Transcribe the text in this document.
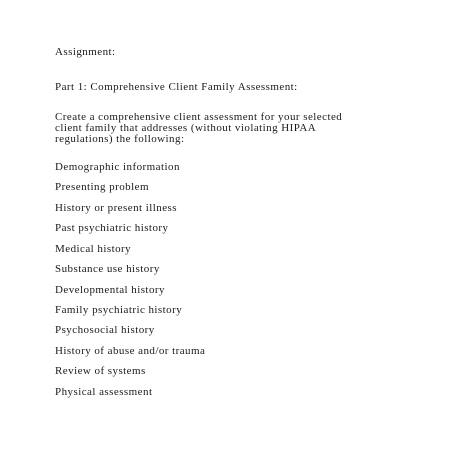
Assignment:

Part 1: Comprehensive Client Family Assessment:

Create a comprehensive client assessment for your selected

client family that addresses (without violating HIPAA

regulations) the following:

Demographic information

Presenting problem

History or present illness

Past psychiatric history

Medical history

Substance use history

Developmental history

Family psychiatric history

Psychosocial history

History of abuse and/or trauma

Review of systems

Physical assessment
